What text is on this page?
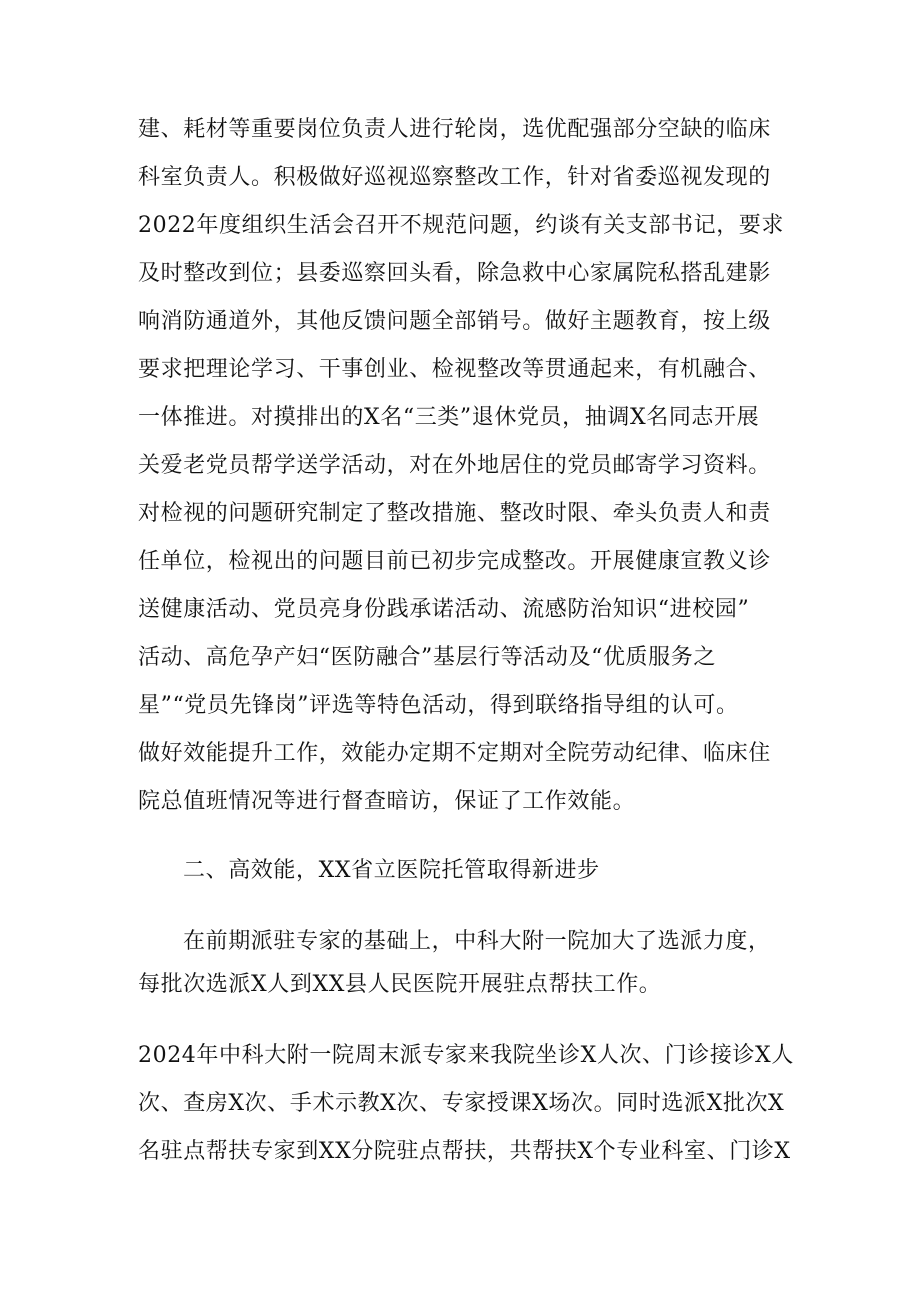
建、耗材等重要岗位负责人进行轮岗，选优配强部分空缺的临床
科室负责人。积极做好巡视巡察整改工作，针对省委巡视发现的
2022年度组织生活会召开不规范问题，约谈有关支部书记，要求
及时整改到位；县委巡察回头看，除急救中心家属院私搭乱建影
响消防通道外，其他反馈问题全部销号。做好主题教育，按上级
要求把理论学习、干事创业、检视整改等贯通起来，有机融合、
一体推进。对摸排出的X名“三类”退休党员，抽调X名同志开展
关爱老党员帮学送学活动，对在外地居住的党员邮寄学习资料。
对检视的问题研究制定了整改措施、整改时限、牵头负责人和责
任单位，检视出的问题目前已初步完成整改。开展健康宣教义诊
送健康活动、党员亮身份践承诺活动、流感防治知识“进校园”
活动、高危孕产妇“医防融合”基层行等活动及“优质服务之
星”“党员先锋岗”评选等特色活动，得到联络指导组的认可。
做好效能提升工作，效能办定期不定期对全院劳动纪律、临床住
院总值班情况等进行督查暗访，保证了工作效能。
二、高效能，XX省立医院托管取得新进步
在前期派驻专家的基础上，中科大附一院加大了选派力度，
每批次选派X人到XX县人民医院开展驻点帮扶工作。
2024年中科大附一院周末派专家来我院坐诊X人次、门诊接诊X人
次、查房X次、手术示教X次、专家授课X场次。同时选派X批次X
名驻点帮扶专家到XX分院驻点帮扶，共帮扶X个专业科室、门诊X
